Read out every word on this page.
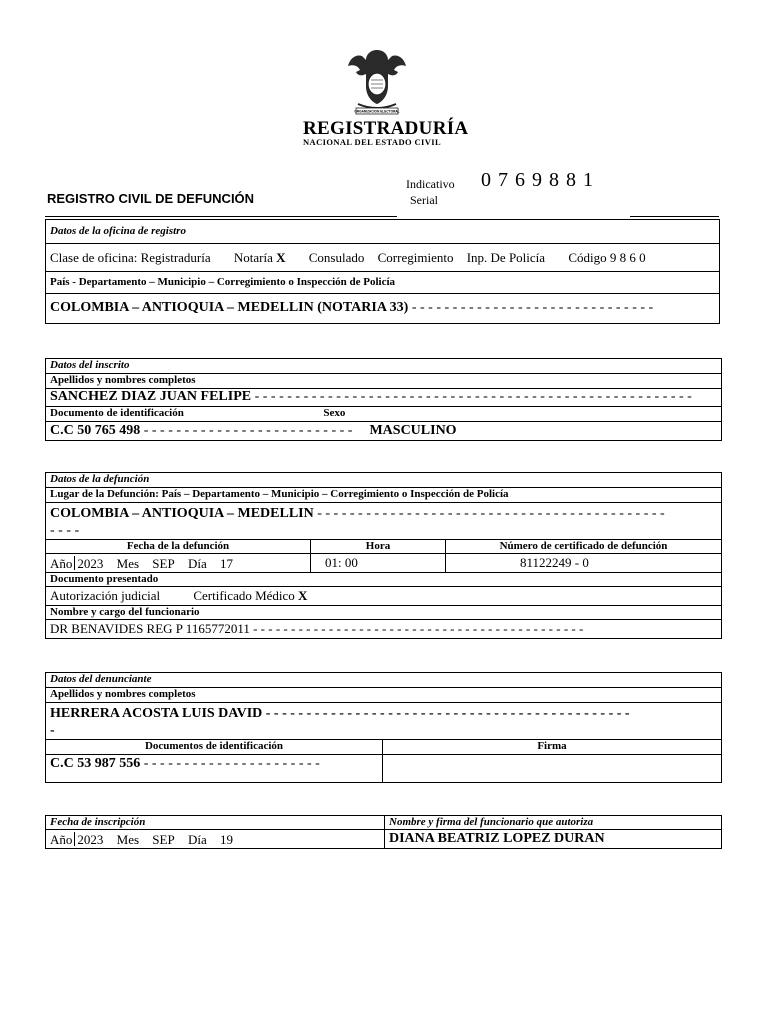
ORGANIZACION ELECTORAL
REGISTRADURÍA
NACIONAL DEL ESTADO CIVIL
REGISTRO CIVIL DE DEFUNCIÓN
Indicativo
Serial
0 7 6 9 8 8 1
Datos de la oficina de registro
Clase de oficina: Registraduría Notaría X Consulado Corregimiento Inp. De Policía Código 9 8 6 0
País - Departamento – Municipio – Corregimiento o Inspección de Policía
COLOMBIA – ANTIOQUIA – MEDELLIN (NOTARIA 33) - - - - - - - - - - - - - - - - - - - - - - - - - - - - - -
Datos del inscrito
Apellidos y nombres completos
SANCHEZ DIAZ JUAN FELIPE - - - - - - - - - - - - - - - - - - - - - - - - - - - - - - - - - - - - - - - - - - - - - - - - - - - - - -
Documento de identificación	Sexo
C.C 50 765 498 - - - - - - - - - - - - - - - - - - - - - - - - - - MASCULINO
Datos de la defunción		
Lugar de la Defunción: País – Departamento – Municipio – Corregimiento o Inspección de Policía		
COLOMBIA – ANTIOQUIA – MEDELLIN - - - - - - - - - - - - - - - - - - - - - - - - - - - - - - - - - - - - - - - - - - -
- - - -		
Fecha de la defunción	Hora	Número de certificado de defunción
Año 2023 Mes SEP Día 17	01: 00	81122249 - 0
Documento presentado		
Autorización judicial Certificado Médico X		
Nombre y cargo del funcionario		
DR BENAVIDES REG P 1165772011 - - - - - - - - - - - - - - - - - - - - - - - - - - - - - - - - - - - - - - - - - - - -		
Datos del denunciante	
Apellidos y nombres completos	
HERRERA ACOSTA LUIS DAVID - - - - - - - - - - - - - - - - - - - - - - - - - - - - - - - - - - - - - - - - - - - - -
-	
Documentos de identificación	Firma
C.C 53 987 556 - - - - - - - - - - - - - - - - - - - - - -	
Fecha de inscripción	Nombre y firma del funcionario que autoriza
Año 2023 Mes SEP Día 19	DIANA BEATRIZ LOPEZ DURAN
